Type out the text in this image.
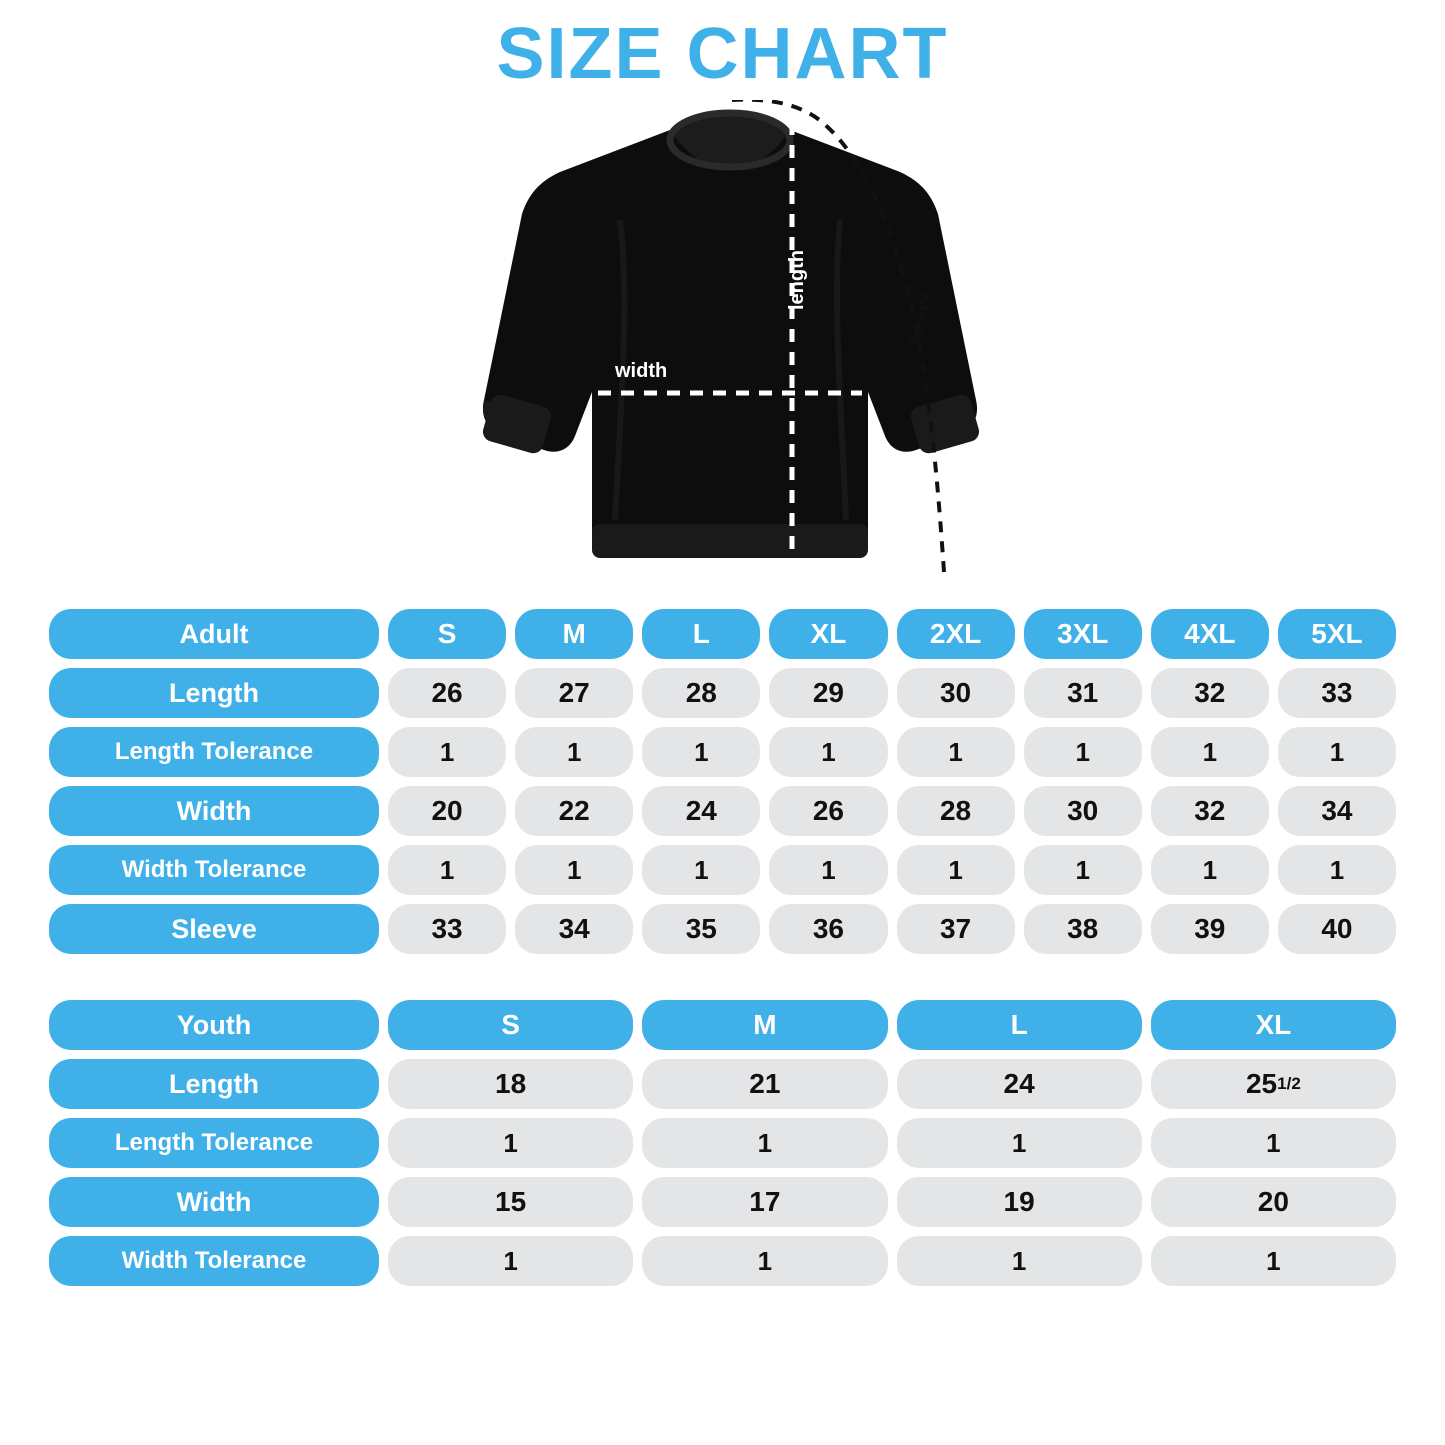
SIZE CHART
width
length
sleeve
Adult	S	M	L	XL	2XL	3XL	4XL	5XL

Length	26	27	28	29	30	31	32	33

Length Tolerance	1	1	1	1	1	1	1	1

Width	20	22	24	26	28	30	32	34

Width Tolerance	1	1	1	1	1	1	1	1

Sleeve	33	34	35	36	37	38	39	40
Youth	S	M	L	XL

Length	18	21	24	25 1 /2

Length Tolerance	1	1	1	1

Width	15	17	19	20

Width Tolerance	1	1	1	1
